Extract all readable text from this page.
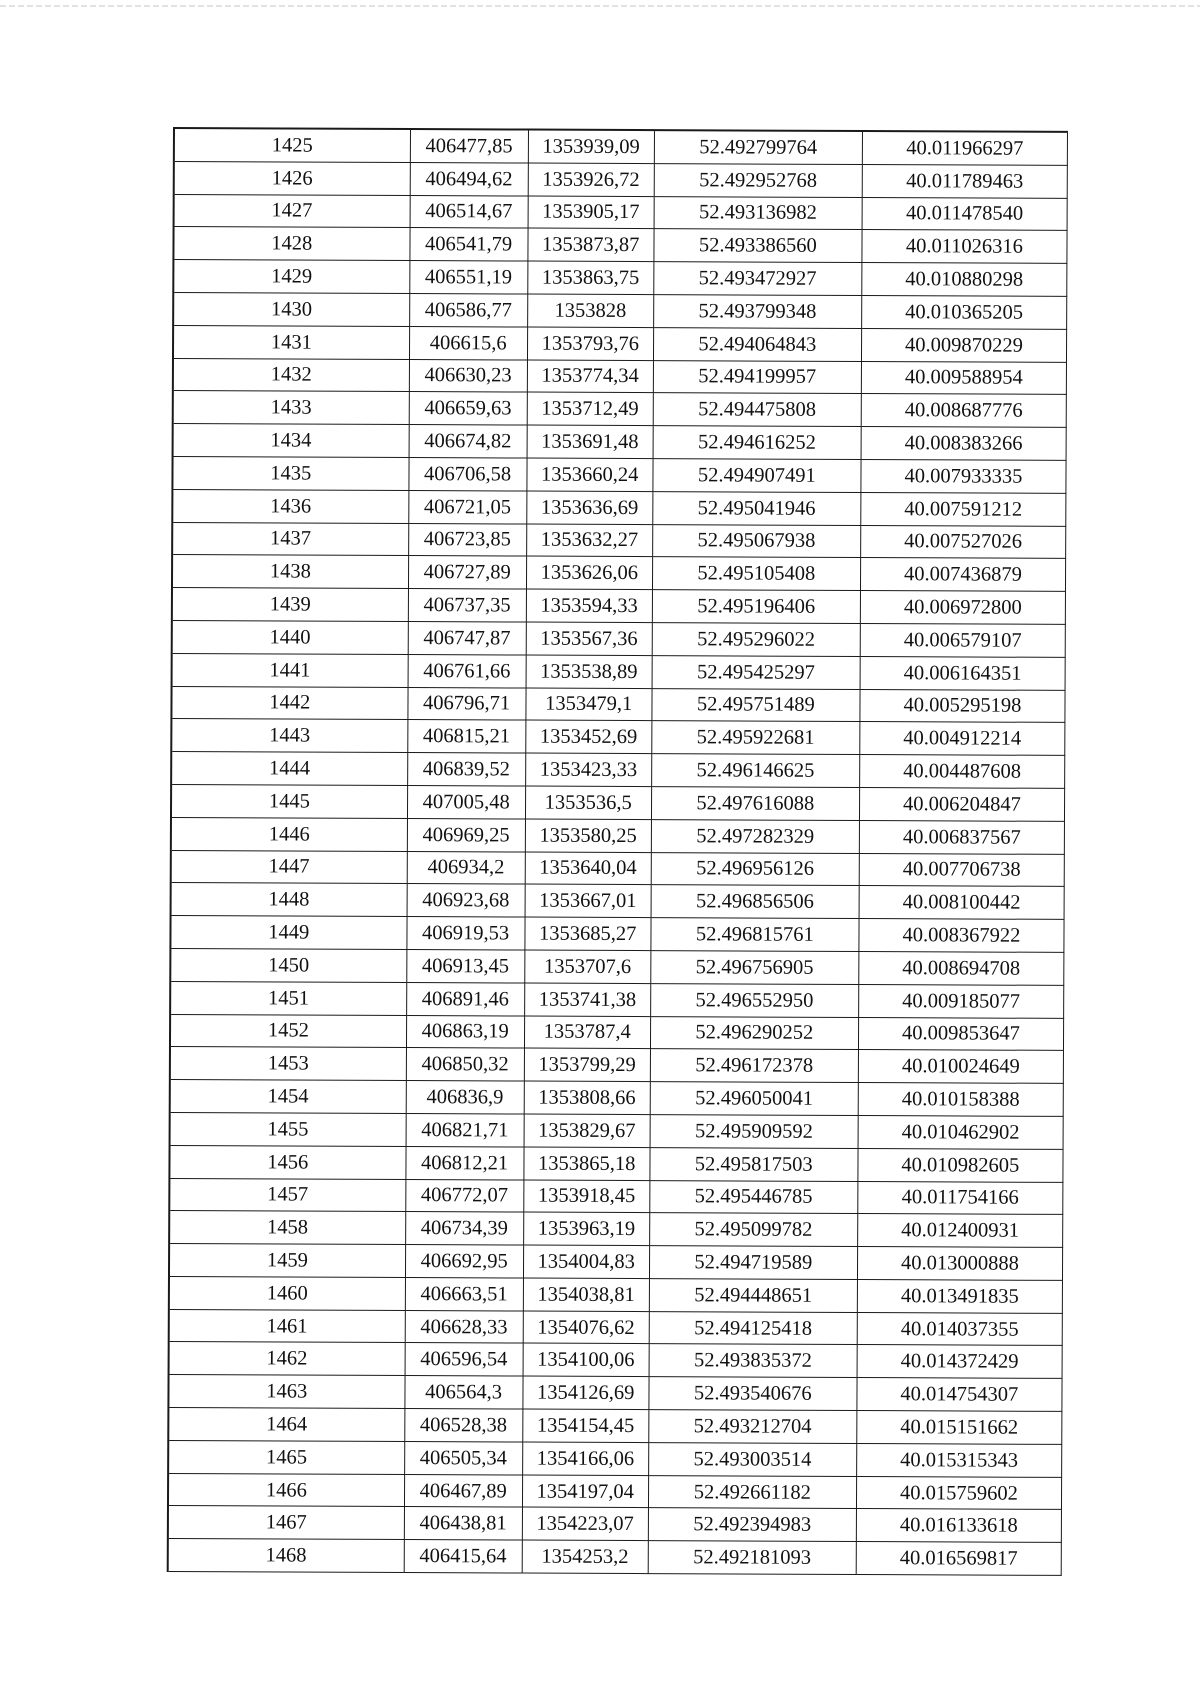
1425	406477,85	1353939,09	52.492799764	40.011966297
1426	406494,62	1353926,72	52.492952768	40.011789463
1427	406514,67	1353905,17	52.493136982	40.011478540
1428	406541,79	1353873,87	52.493386560	40.011026316
1429	406551,19	1353863,75	52.493472927	40.010880298
1430	406586,77	1353828	52.493799348	40.010365205
1431	406615,6	1353793,76	52.494064843	40.009870229
1432	406630,23	1353774,34	52.494199957	40.009588954
1433	406659,63	1353712,49	52.494475808	40.008687776
1434	406674,82	1353691,48	52.494616252	40.008383266
1435	406706,58	1353660,24	52.494907491	40.007933335
1436	406721,05	1353636,69	52.495041946	40.007591212
1437	406723,85	1353632,27	52.495067938	40.007527026
1438	406727,89	1353626,06	52.495105408	40.007436879
1439	406737,35	1353594,33	52.495196406	40.006972800
1440	406747,87	1353567,36	52.495296022	40.006579107
1441	406761,66	1353538,89	52.495425297	40.006164351
1442	406796,71	1353479,1	52.495751489	40.005295198
1443	406815,21	1353452,69	52.495922681	40.004912214
1444	406839,52	1353423,33	52.496146625	40.004487608
1445	407005,48	1353536,5	52.497616088	40.006204847
1446	406969,25	1353580,25	52.497282329	40.006837567
1447	406934,2	1353640,04	52.496956126	40.007706738
1448	406923,68	1353667,01	52.496856506	40.008100442
1449	406919,53	1353685,27	52.496815761	40.008367922
1450	406913,45	1353707,6	52.496756905	40.008694708
1451	406891,46	1353741,38	52.496552950	40.009185077
1452	406863,19	1353787,4	52.496290252	40.009853647
1453	406850,32	1353799,29	52.496172378	40.010024649
1454	406836,9	1353808,66	52.496050041	40.010158388
1455	406821,71	1353829,67	52.495909592	40.010462902
1456	406812,21	1353865,18	52.495817503	40.010982605
1457	406772,07	1353918,45	52.495446785	40.011754166
1458	406734,39	1353963,19	52.495099782	40.012400931
1459	406692,95	1354004,83	52.494719589	40.013000888
1460	406663,51	1354038,81	52.494448651	40.013491835
1461	406628,33	1354076,62	52.494125418	40.014037355
1462	406596,54	1354100,06	52.493835372	40.014372429
1463	406564,3	1354126,69	52.493540676	40.014754307
1464	406528,38	1354154,45	52.493212704	40.015151662
1465	406505,34	1354166,06	52.493003514	40.015315343
1466	406467,89	1354197,04	52.492661182	40.015759602
1467	406438,81	1354223,07	52.492394983	40.016133618
1468	406415,64	1354253,2	52.492181093	40.016569817
